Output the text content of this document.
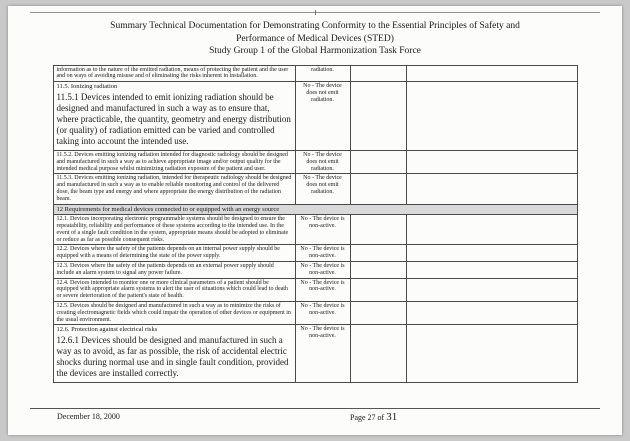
Summary Technical Documentation for Demonstrating Conformity to the Essential Principles of Safety and
Performance of Medical Devices (STED)
Study Group 1 of the Global Harmonization Task Force

information as to the nature of the emitted radiation, means of protecting the patient and the user and on ways of avoiding misuse and of eliminating the risks inherent in installation.

radiation.

11.5. Ionizing radiation

11.5.1 Devices intended to emit ionizing radiation should be designed and manufactured in such a way as to ensure that, where practicable, the quantity, geometry and energy distribution (or quality) of radiation emitted can be varied and controlled taking into account the intended use.

No - The device does not emit radiation.

11.5.2. Devices emitting ionizing radiation intended for diagnostic radiology should be designed and manufactured in such a way as to achieve appropriate image and/or output quality for the intended medical purpose whilst minimizing radiation exposure of the patient and user.

No - The device does not emit radiation.

11.5.3. Devices emitting ionizing radiation, intended for therapeutic radiology should be designed and manufactured in such a way as to enable reliable monitoring and control of the delivered dose, the beam type and energy and where appropriate the energy distribution of the radiation beam.

No - The device does not emit radiation.

12 Requirements for medical devices connected to or equipped with an energy source

12.1. Devices incorporating electronic programmable systems should be designed to ensure the repeatability, reliability and performance of these systems according to the intended use. In the event of a single fault condition in the system, appropriate means should be adopted to eliminate or reduce as far as possible consequent risks.

No - The device is non-active.

12.2. Devices where the safety of the patients depends on an internal power supply should be equipped with a means of determining the state of the power supply.

No - The device is non-active.

12.3. Devices where the safety of the patients depends on an external power supply should include an alarm system to signal any power failure.

No - The device is non-active.

12.4. Devices intended to monitor one or more clinical parameters of a patient should be equipped with appropriate alarm systems to alert the user of situations which could lead to death or severe deterioration of the patient's state of health.

No - The device is non-active.

12.5. Devices should be designed and manufactured in such a way as to minimize the risks of creating electromagnetic fields which could impair the operation of other devices or equipment in the usual environment.

No - The device is non-active.

12.6. Protection against electrical risks

12.6.1 Devices should be designed and manufactured in such a way as to avoid, as far as possible, the risk of accidental electric shocks during normal use and in single fault condition, provided the devices are installed correctly.

No - The device is non-active.

December 18, 2000	Page 27 of 31
